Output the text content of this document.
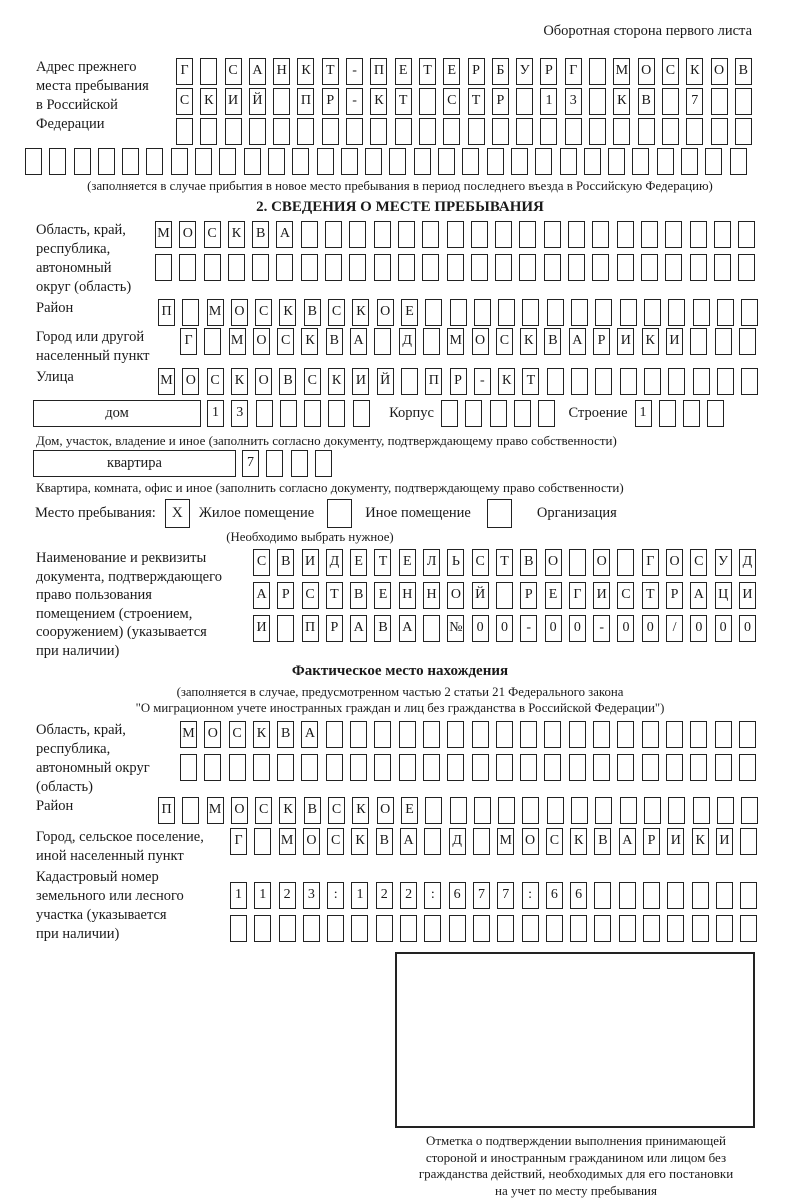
Оборотная сторона первого листа
Адрес прежнего
места пребывания
в Российской
Федерации
Г	С А Н К	Т	-	П	Е	Т	Е	Р	Б	У	Р	Г	М О С К О В
С К И Й	П	Р	-	К	Т	С	Т	Р	1	3	К В	7
(заполняется в случае прибытия в новое место пребывания в период последнего въезда в Российскую Федерацию)
2. СВЕДЕНИЯ О МЕСТЕ ПРЕБЫВАНИЯ
Область, край,
республика,
автономный
округ (область)
М О С К В А
Район	П	М О С К В С К О	Е
Город или другой
населенный пункт
Г	М О С К В А	Д	М О С К В А	Р	И К И
Улица	М О С К О В С К И Й	П	Р	-	К	Т
дом	1	3	Корпус	Строение 1
Дом, участок, владение и иное (заполнить согласно документу, подтверждающему право собственности)
квартира	7
Квартира, комната, офис и иное (заполнить согласно документу, подтверждающему право собственности)
Место пребывания:	X	Жилое помещение	Иное помещение	Организация
(Необходимо выбрать нужное)
Наименование и реквизиты
документа, подтверждающего
право пользования
помещением (строением,
сооружением) (указывается
при наличии)
С В И Д	Е	Т	Е	Л	Ь	С	Т	В О	О	Г	О С У Д
А	Р	С	Т	В	Е	Н Н О Й	Р	Е	Г	И С	Т	Р	А Ц И
И	П	Р	А В А	№	0	0	-	0	0	-	0	0	/	0	0	0
Фактическое место нахождения
(заполняется в случае, предусмотренном частью 2 статьи 21 Федерального закона
"О миграционном учете иностранных граждан и лиц без гражданства в Российской Федерации")
Область, край,
республика,
автономный округ
(область)
М О С К В А
Район	П	М О С К В С К О	Е
Город, сельское поселение,
иной населенный пункт
Г	М О С К В А	Д	М О С К В А	Р	И К И
Кадастровый номер
земельного или лесного
участка (указывается
при наличии)
1	1	2	3	:	1	2	2	:	6	7	7	:	6	6
Отметка о подтверждении выполнения принимающей
стороной и иностранным гражданином или лицом без
гражданства действий, необходимых для его постановки
на учет по месту пребывания
